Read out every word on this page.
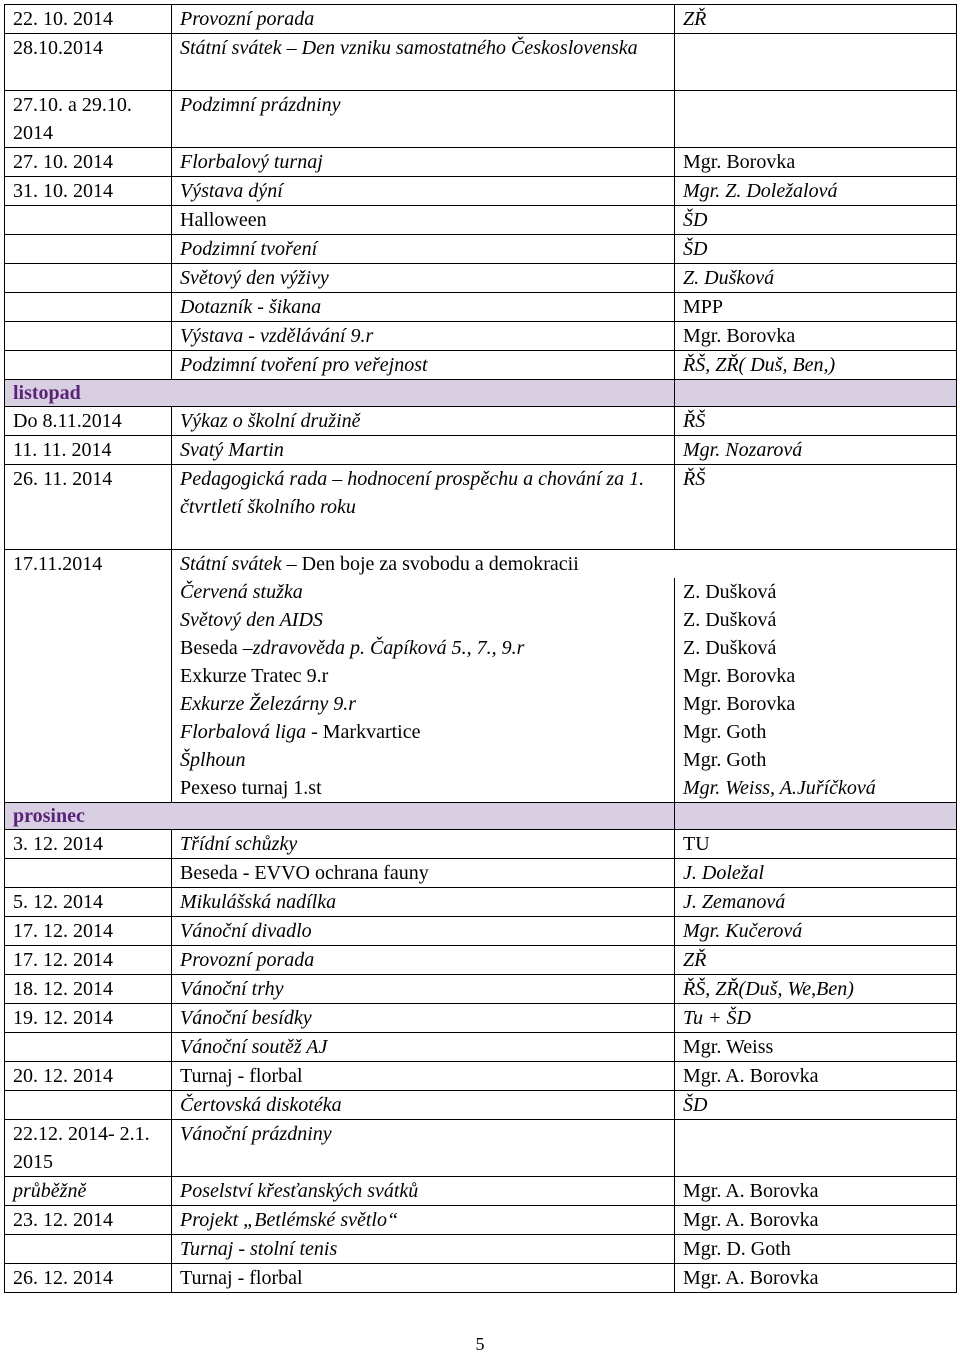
22. 10. 2014	Provozní porada	ZŘ
28.10.2014	Státní svátek – Den vzniku samostatného Československa	
27.10. a 29.10. 2014	Podzimní prázdniny	
27. 10. 2014	Florbalový turnaj	Mgr. Borovka
31. 10. 2014	Výstava dýní	Mgr. Z. Doležalová
	Halloween	ŠD
	Podzimní tvoření	ŠD
	Světový den výživy	Z. Dušková
	Dotazník - šikana	MPP
	Výstava - vzdělávání 9.r	Mgr. Borovka
	Podzimní tvoření pro veřejnost	ŘŠ, ZŘ( Duš, Ben,)
listopad		
Do 8.11.2014	Výkaz o školní družině	ŘŠ
11. 11. 2014	Svatý Martin	Mgr. Nozarová
26. 11. 2014	Pedagogická rada – hodnocení prospěchu a chování za 1. čtvrtletí školního roku	ŘŠ
17.11.2014	Státní svátek – Den boje za svobodu a demokracii	
	Červená stužka	Z. Dušková
	Světový den AIDS	Z. Dušková
	Beseda –zdravověda p. Čapíková 5., 7., 9.r	Z. Dušková
	Exkurze Tratec 9.r	Mgr. Borovka
	Exkurze Železárny 9.r	Mgr. Borovka
	Florbalová liga - Markvartice	Mgr. Goth
	Šplhoun	Mgr. Goth
	Pexeso turnaj 1.st	Mgr. Weiss, A.Juříčková
prosinec		
3. 12. 2014	Třídní schůzky	TU
	Beseda - EVVO ochrana fauny	J. Doležal
5. 12. 2014	Mikulášská nadílka	J. Zemanová
17. 12. 2014	Vánoční divadlo	Mgr. Kučerová
17. 12. 2014	Provozní porada	ZŘ
18. 12. 2014	Vánoční trhy	ŘŠ, ZŘ(Duš, We,Ben)
19. 12. 2014	Vánoční besídky	Tu + ŠD
	Vánoční soutěž AJ	Mgr. Weiss
20. 12. 2014	Turnaj - florbal	Mgr. A. Borovka
	Čertovská diskotéka	ŠD
22.12. 2014- 2.1. 2015	Vánoční prázdniny	
průběžně	Poselství křesťanských svátků	Mgr. A. Borovka
23. 12. 2014	Projekt „Betlémské světlo“	Mgr. A. Borovka
	Turnaj - stolní tenis	Mgr. D. Goth
26. 12. 2014	Turnaj - florbal	Mgr. A. Borovka
5
